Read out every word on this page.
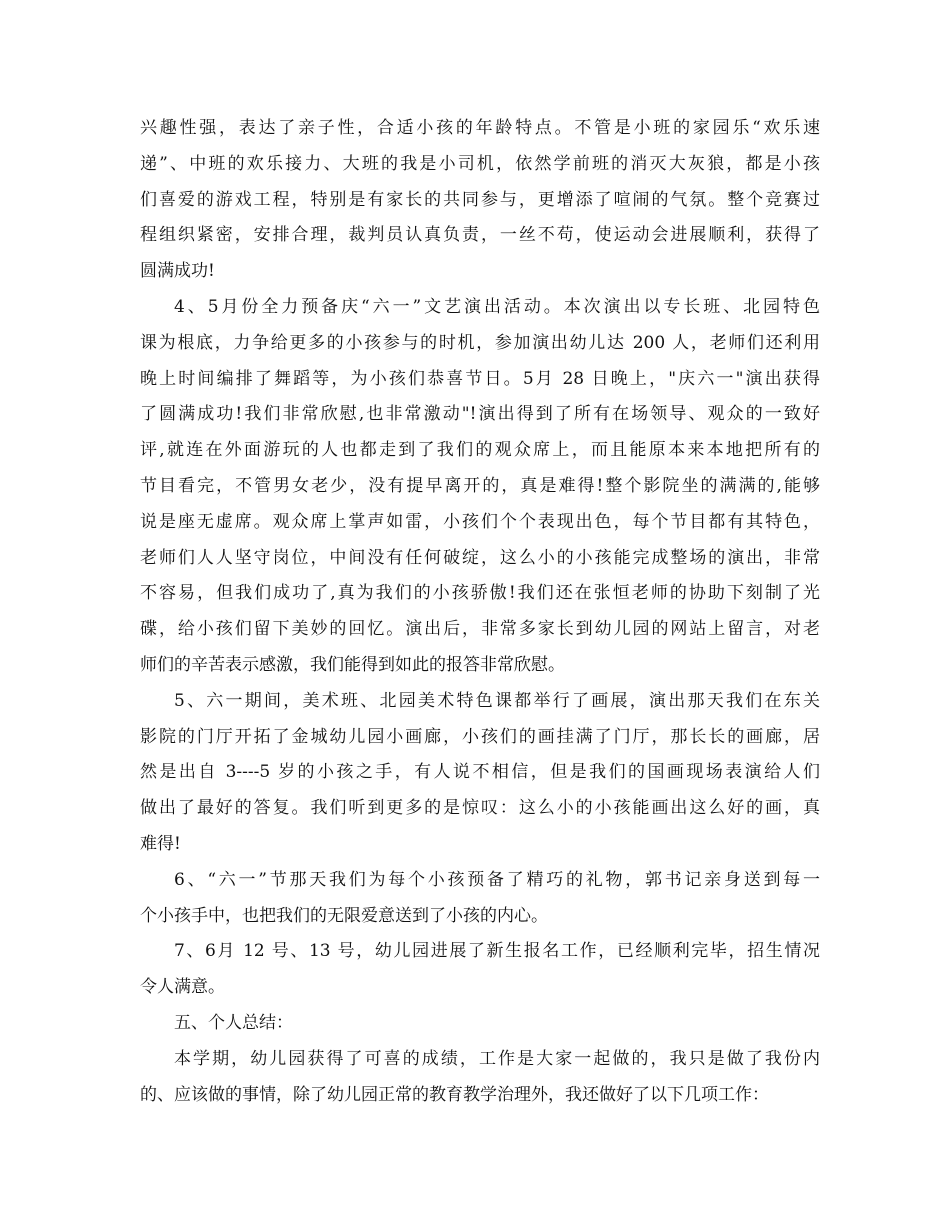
兴趣性强，表达了亲子性，合适小孩的年龄特点。不管是小班的家园乐“欢乐速
递”、中班的欢乐接力、大班的我是小司机，依然学前班的消灭大灰狼，都是小孩
们喜爱的游戏工程，特别是有家长的共同参与，更增添了喧闹的气氛。整个竞赛过
程组织紧密，安排合理，裁判员认真负责，一丝不苟，使运动会进展顺利，获得了
圆满成功!
4、5月份全力预备庆“六一”文艺演出活动。本次演出以专长班、北园特色
课为根底，力争给更多的小孩参与的时机，参加演出幼儿达 200 人，老师们还利用
晚上时间编排了舞蹈等，为小孩们恭喜节日。5月 28 日晚上，"庆六一"演出获得
了圆满成功!我们非常欣慰,也非常激动"!演出得到了所有在场领导、观众的一致好
评,就连在外面游玩的人也都走到了我们的观众席上，而且能原本来本地把所有的
节目看完，不管男女老少，没有提早离开的，真是难得!整个影院坐的满满的,能够
说是座无虚席。观众席上掌声如雷，小孩们个个表现出色，每个节目都有其特色，
老师们人人坚守岗位，中间没有任何破绽，这么小的小孩能完成整场的演出，非常
不容易，但我们成功了,真为我们的小孩骄傲!我们还在张恒老师的协助下刻制了光
碟，给小孩们留下美妙的回忆。演出后，非常多家长到幼儿园的网站上留言，对老
师们的辛苦表示感激，我们能得到如此的报答非常欣慰。
5、六一期间，美术班、北园美术特色课都举行了画展，演出那天我们在东关
影院的门厅开拓了金城幼儿园小画廊，小孩们的画挂满了门厅，那长长的画廊，居
然是出自 3----5 岁的小孩之手，有人说不相信，但是我们的国画现场表演给人们
做出了最好的答复。我们听到更多的是惊叹：这么小的小孩能画出这么好的画，真
难得!
6、“六一”节那天我们为每个小孩预备了精巧的礼物，郭书记亲身送到每一
个小孩手中，也把我们的无限爱意送到了小孩的内心。
7、6月 12 号、13 号，幼儿园进展了新生报名工作，已经顺利完毕，招生情况
令人满意。
五、个人总结：
本学期，幼儿园获得了可喜的成绩，工作是大家一起做的，我只是做了我份内
的、应该做的事情，除了幼儿园正常的教育教学治理外，我还做好了以下几项工作：
